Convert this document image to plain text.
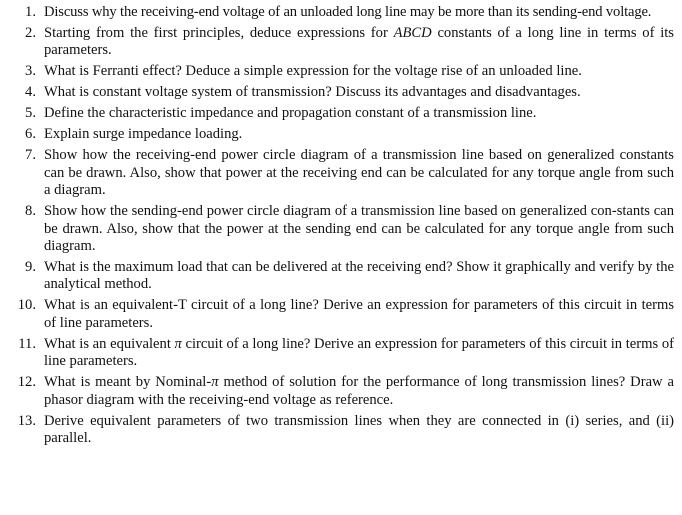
1. Discuss why the receiving-end voltage of an unloaded long line may be more than its sending-end voltage.
2. Starting from the first principles, deduce expressions for ABCD constants of a long line in terms of its parameters.
3. What is Ferranti effect? Deduce a simple expression for the voltage rise of an unloaded line.
4. What is constant voltage system of transmission? Discuss its advantages and disadvantages.
5. Define the characteristic impedance and propagation constant of a transmission line.
6. Explain surge impedance loading.
7. Show how the receiving-end power circle diagram of a transmission line based on generalized constants can be drawn. Also, show that power at the receiving end can be calculated for any torque angle from such a diagram.
8. Show how the sending-end power circle diagram of a transmission line based on generalized con-stants can be drawn. Also, show that the power at the sending end can be calculated for any torque angle from such diagram.
9. What is the maximum load that can be delivered at the receiving end? Show it graphically and verify by the analytical method.
10. What is an equivalent-T circuit of a long line? Derive an expression for parameters of this circuit in terms of line parameters.
11. What is an equivalent π circuit of a long line? Derive an expression for parameters of this circuit in terms of line parameters.
12. What is meant by Nominal-π method of solution for the performance of long transmission lines? Draw a phasor diagram with the receiving-end voltage as reference.
13. Derive equivalent parameters of two transmission lines when they are connected in (i) series, and (ii) parallel.
